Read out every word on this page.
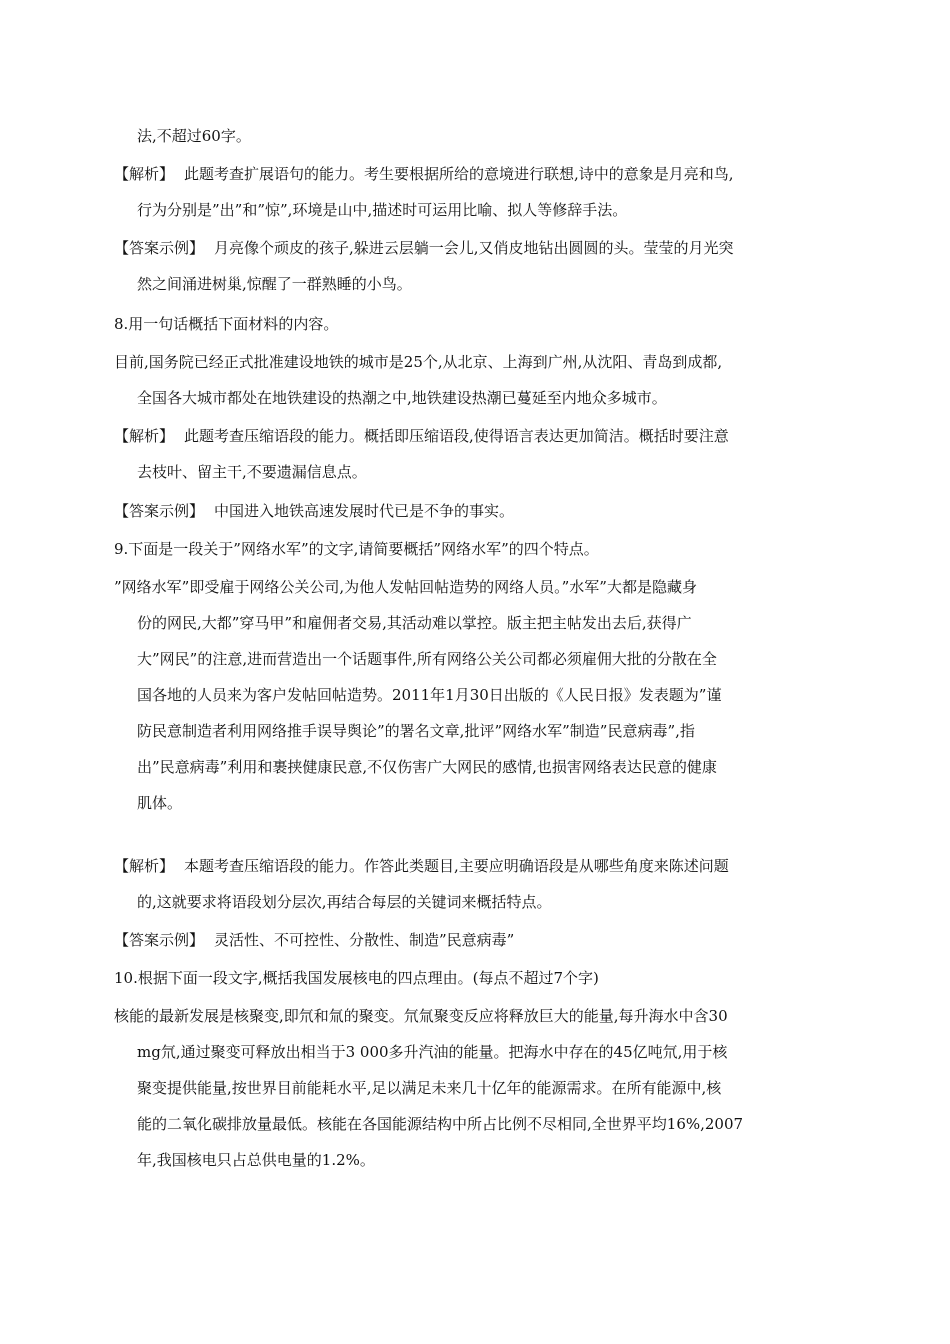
法,不超过60字。
【解析】 此题考查扩展语句的能力。考生要根据所给的意境进行联想,诗中的意象是月亮和鸟,
行为分别是”出”和”惊”,环境是山中,描述时可运用比喻、拟人等修辞手法。
【答案示例】 月亮像个顽皮的孩子,躲进云层躺一会儿,又俏皮地钻出圆圆的头。莹莹的月光突
然之间涌进树巢,惊醒了一群熟睡的小鸟。
8.用一句话概括下面材料的内容。
目前,国务院已经正式批准建设地铁的城市是25个,从北京、上海到广州,从沈阳、青岛到成都,
全国各大城市都处在地铁建设的热潮之中,地铁建设热潮已蔓延至内地众多城市。
【解析】 此题考查压缩语段的能力。概括即压缩语段,使得语言表达更加简洁。概括时要注意
去枝叶、留主干,不要遗漏信息点。
【答案示例】 中国进入地铁高速发展时代已是不争的事实。
9.下面是一段关于”网络水军”的文字,请简要概括”网络水军”的四个特点。
”网络水军”即受雇于网络公关公司,为他人发帖回帖造势的网络人员。”水军”大都是隐藏身
份的网民,大都”穿马甲”和雇佣者交易,其活动难以掌控。版主把主帖发出去后,获得广
大”网民”的注意,进而营造出一个话题事件,所有网络公关公司都必须雇佣大批的分散在全
国各地的人员来为客户发帖回帖造势。2011年1月30日出版的《人民日报》发表题为”谨
防民意制造者利用网络推手误导舆论”的署名文章,批评”网络水军”制造”民意病毒”,指
出”民意病毒”利用和裹挟健康民意,不仅伤害广大网民的感情,也损害网络表达民意的健康
肌体。
【解析】 本题考查压缩语段的能力。作答此类题目,主要应明确语段是从哪些角度来陈述问题
的,这就要求将语段划分层次,再结合每层的关键词来概括特点。
【答案示例】 灵活性、不可控性、分散性、制造”民意病毒”
10.根据下面一段文字,概括我国发展核电的四点理由。(每点不超过7个字)
核能的最新发展是核聚变,即氘和氚的聚变。氘氚聚变反应将释放巨大的能量,每升海水中含30
mg氘,通过聚变可释放出相当于3 000多升汽油的能量。把海水中存在的45亿吨氘,用于核
聚变提供能量,按世界目前能耗水平,足以满足未来几十亿年的能源需求。在所有能源中,核
能的二氧化碳排放量最低。核能在各国能源结构中所占比例不尽相同,全世界平均16%,2007
年,我国核电只占总供电量的1.2%。
